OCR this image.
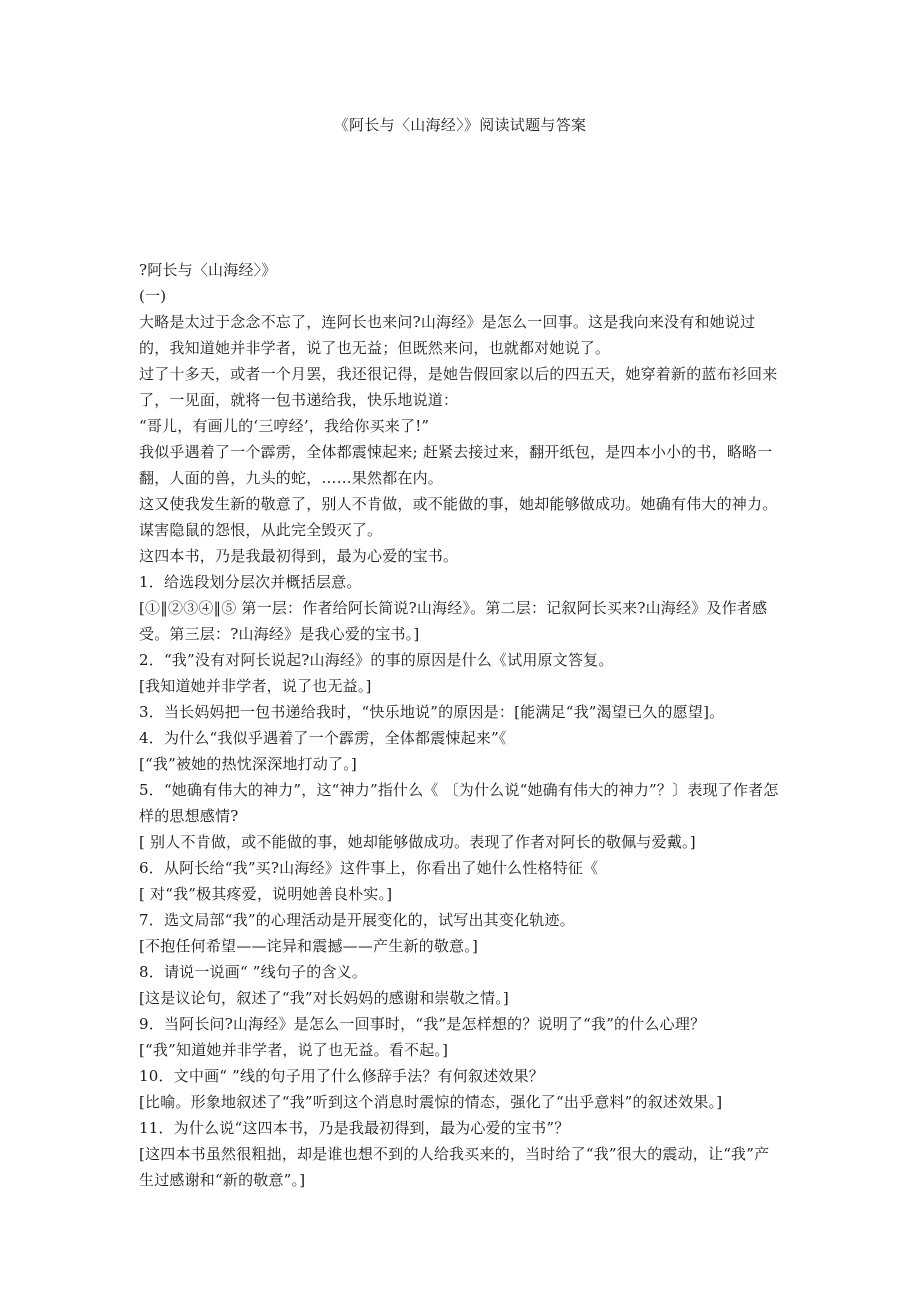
《阿长与〈山海经〉》阅读试题与答案

?阿长与〈山海经〉》

(一)

大略是太过于念念不忘了，连阿长也来问?山海经》是怎么一回事。这是我向来没有和她说过的，我知道她并非学者，说了也无益；但既然来问，也就都对她说了。

过了十多天，或者一个月罢，我还很记得，是她告假回家以后的四五天，她穿着新的蓝布衫回来了，一见面，就将一包书递给我，快乐地说道：

“哥儿，有画儿的‘三哼经’，我给你买来了!”

我似乎遇着了一个霹雳，全体都震悚起来; 赶紧去接过来，翻开纸包，是四本小小的书，略略一翻，人面的兽，九头的蛇，……果然都在内。

这又使我发生新的敬意了，别人不肯做，或不能做的事，她却能够做成功。她确有伟大的神力。谋害隐鼠的怨恨，从此完全毁灭了。

这四本书，乃是我最初得到，最为心爱的宝书。

1．给选段划分层次并概括层意。

[①‖②③④‖⑤ 第一层：作者给阿长简说?山海经》。第二层：记叙阿长买来?山海经》及作者感受。第三层：?山海经》是我心爱的宝书。]

2．“我”没有对阿长说起?山海经》的事的原因是什么《试用原文答复。

[我知道她并非学者，说了也无益。]

3．当长妈妈把一包书递给我时，“快乐地说”的原因是：[能满足“我”渴望已久的愿望]。

4．为什么“我似乎遇着了一个霹雳，全体都震悚起来”《

[“我”被她的热忱深深地打动了。]

5．“她确有伟大的神力”，这“神力”指什么《 〔为什么说“她确有伟大的神力”？〕表现了作者怎样的思想感情?

[ 别人不肯做，或不能做的事，她却能够做成功。表现了作者对阿长的敬佩与爱戴。]

6．从阿长给“我”买?山海经》这件事上，你看出了她什么性格特征《

[ 对“我”极其疼爱，说明她善良朴实。]

7．选文局部“我”的心理活动是开展变化的，试写出其变化轨迹。

[不抱任何希望——诧异和震撼——产生新的敬意。]

8．请说一说画“ ”线句子的含义。

[这是议论句，叙述了“我”对长妈妈的感谢和崇敬之情。]

9．当阿长问?山海经》是怎么一回事时，“我”是怎样想的？说明了“我”的什么心理？

[“我”知道她并非学者，说了也无益。看不起。]

10．文中画“ ”线的句子用了什么修辞手法？有何叙述效果？

[比喻。形象地叙述了“我”听到这个消息时震惊的情态，强化了“出乎意料”的叙述效果。]

11．为什么说“这四本书，乃是我最初得到，最为心爱的宝书”？

[这四本书虽然很粗拙，却是谁也想不到的人给我买来的，当时给了“我”很大的震动，让“我”产生过感谢和“新的敬意”。]
